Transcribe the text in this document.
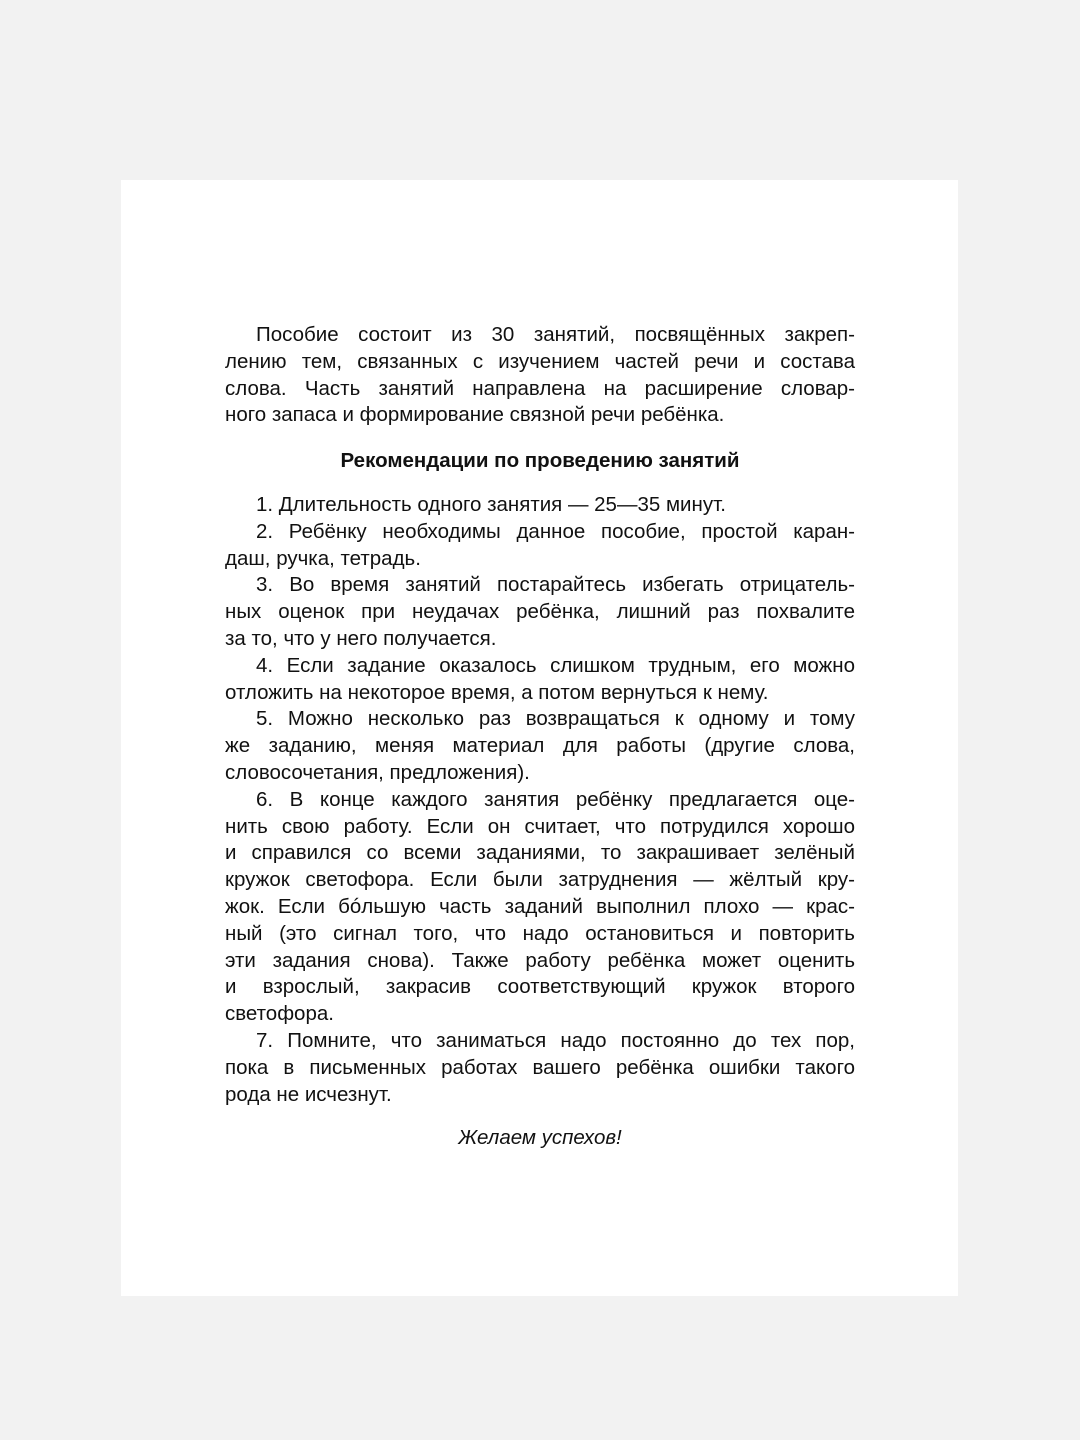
Пособие состоит из 30 занятий, посвящённых закреп-
лению тем, связанных с изучением частей речи и состава
слова. Часть занятий направлена на расширение словар-
ного запаса и формирование связной речи ребёнка.
Рекомендации по проведению занятий
1. Длительность одного занятия — 25—35 минут.
2. Ребёнку необходимы данное пособие, простой каран-
даш, ручка, тетрадь.
3. Во время занятий постарайтесь избегать отрицатель-
ных оценок при неудачах ребёнка, лишний раз похвалите
за то, что у него получается.
4. Если задание оказалось слишком трудным, его можно
отложить на некоторое время, а потом вернуться к нему.
5. Можно несколько раз возвращаться к одному и тому
же заданию, меняя материал для работы (другие слова,
словосочетания, предложения).
6. В конце каждого занятия ребёнку предлагается оце-
нить свою работу. Если он считает, что потрудился хорошо
и справился со всеми заданиями, то закрашивает зелёный
кружок светофора. Если были затруднения — жёлтый кру-
жок. Если бóльшую часть заданий выполнил плохо — крас-
ный (это сигнал того, что надо остановиться и повторить
эти задания снова). Также работу ребёнка может оценить
и взрослый, закрасив соответствующий кружок второго
светофора.
7. Помните, что заниматься надо постоянно до тех пор,
пока в письменных работах вашего ребёнка ошибки такого
рода не исчезнут.
Желаем успехов!
